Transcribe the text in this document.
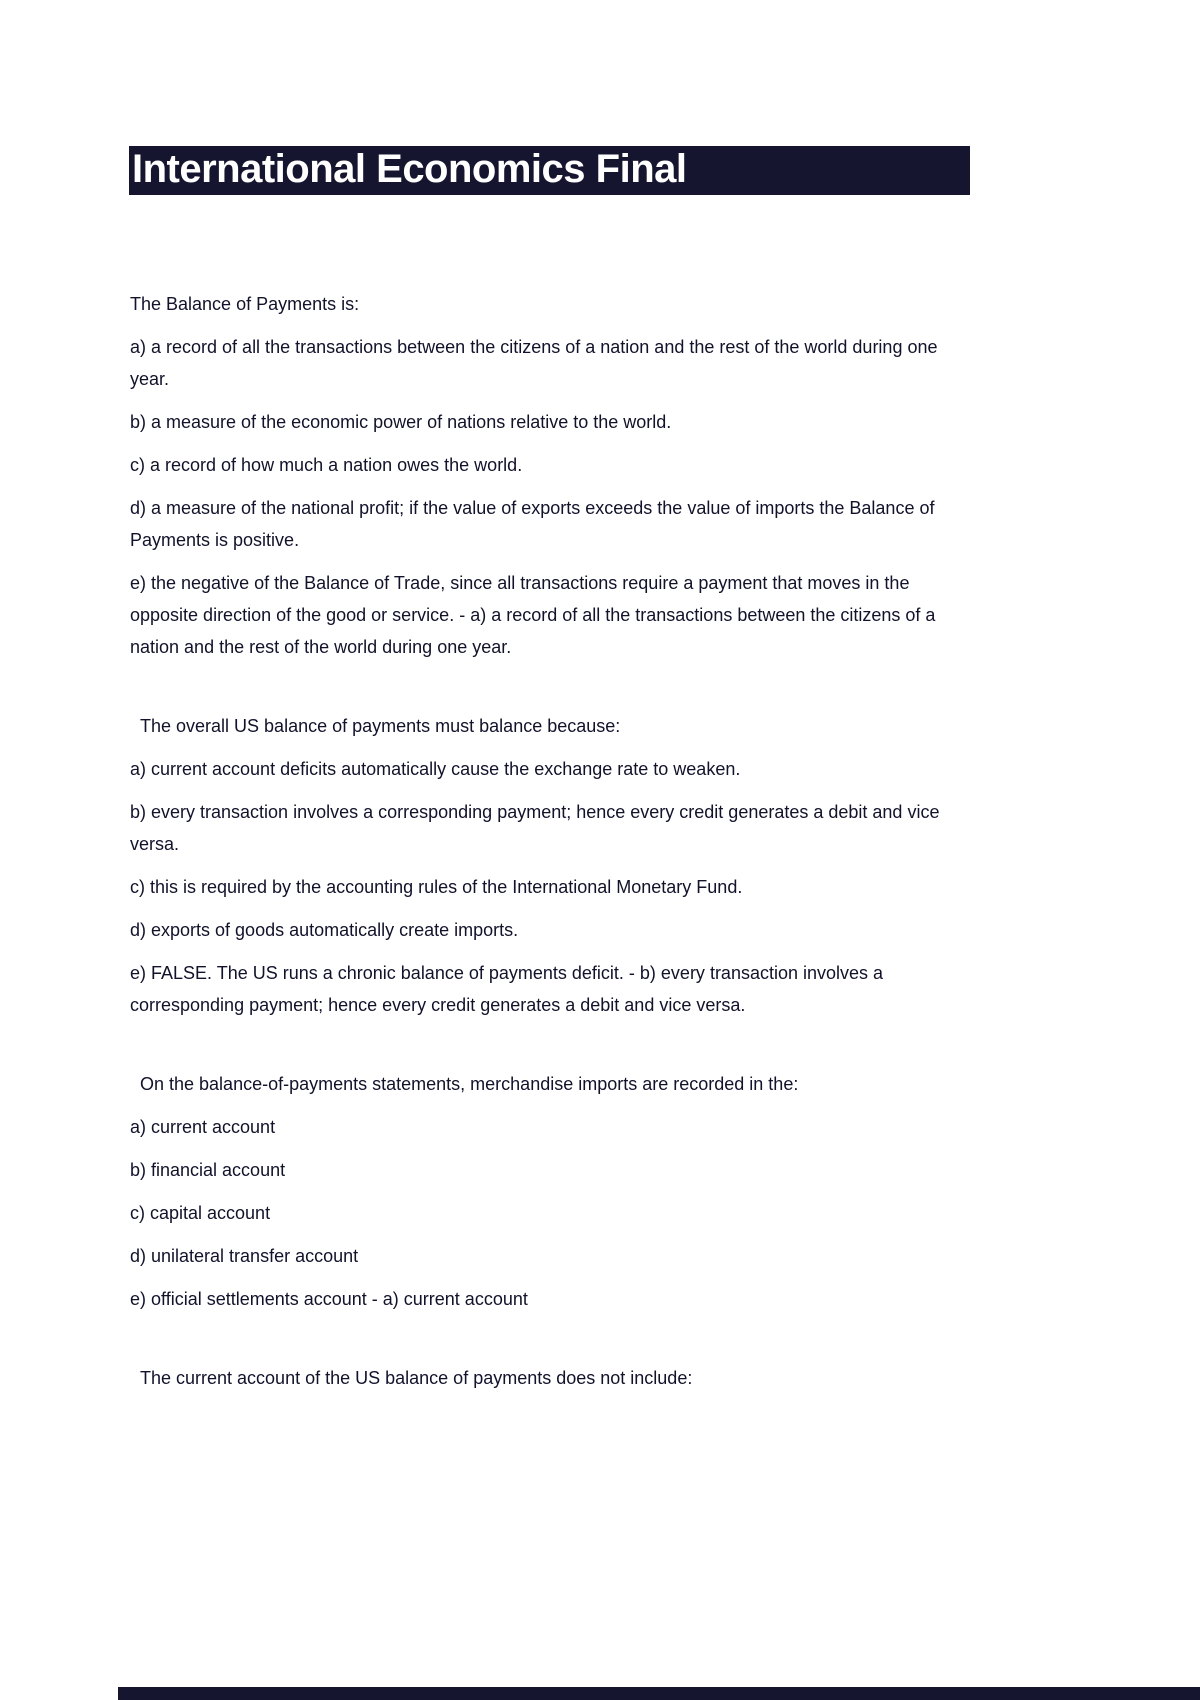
International Economics Final

The Balance of Payments is:

a) a record of all the transactions between the citizens of a nation and the rest of the world during one year.

b) a measure of the economic power of nations relative to the world.

c) a record of how much a nation owes the world.

d) a measure of the national profit; if the value of exports exceeds the value of imports the Balance of Payments is positive.

e) the negative of the Balance of Trade, since all transactions require a payment that moves in the opposite direction of the good or service. - a) a record of all the transactions between the citizens of a nation and the rest of the world during one year.

The overall US balance of payments must balance because:

a) current account deficits automatically cause the exchange rate to weaken.

b) every transaction involves a corresponding payment; hence every credit generates a debit and vice versa.

c) this is required by the accounting rules of the International Monetary Fund.

d) exports of goods automatically create imports.

e) FALSE. The US runs a chronic balance of payments deficit. - b) every transaction involves a corresponding payment; hence every credit generates a debit and vice versa.

On the balance-of-payments statements, merchandise imports are recorded in the:

a) current account

b) financial account

c) capital account

d) unilateral transfer account

e) official settlements account - a) current account

The current account of the US balance of payments does not include:
